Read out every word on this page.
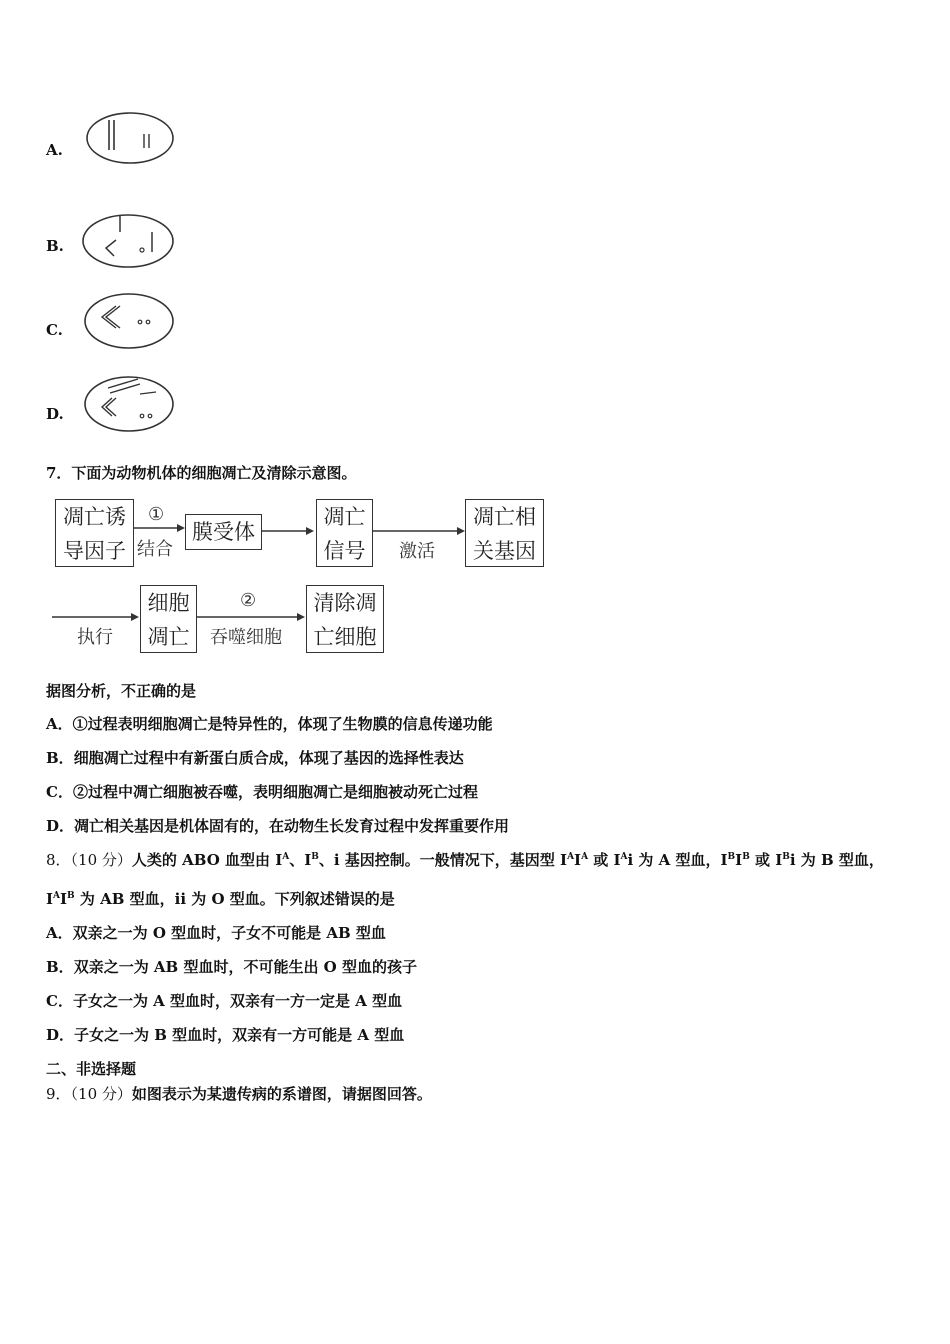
A.
B.
C.
D.
7．下面为动物机体的细胞凋亡及清除示意图。
凋亡诱
导因子
①
结合
膜受体
凋亡
信号	激活
凋亡相
关基因
执行
细胞
凋亡
②
吞噬细胞
清除凋
亡细胞
据图分析，不正确的是
A．①过程表明细胞凋亡是特异性的，体现了生物膜的信息传递功能
B．细胞凋亡过程中有新蛋白质合成，体现了基因的选择性表达
C．②过程中凋亡细胞被吞噬，表明细胞凋亡是细胞被动死亡过程
D．凋亡相关基因是机体固有的，在动物生长发育过程中发挥重要作用
8．（10 分）人类的 ABO 血型由 $I^A$、$I^B$、i 基因控制。一般情况下，基因型 $I^AI^A$ 或 $I^Ai$ 为 A 型血，$I^BI^B$ 或 $I^Bi$ 为 B 型血，
$I^AI^B$ 为 AB 型血，ii 为 O 型血。下列叙述错误的是
A．双亲之一为 O 型血时，子女不可能是 AB 型血
B．双亲之一为 AB 型血时，不可能生出 O 型血的孩子
C．子女之一为 A 型血时，双亲有一方一定是 A 型血
D．子女之一为 B 型血时，双亲有一方可能是 A 型血
二、非选择题
9．（10 分）如图表示为某遗传病的系谱图，请据图回答。
